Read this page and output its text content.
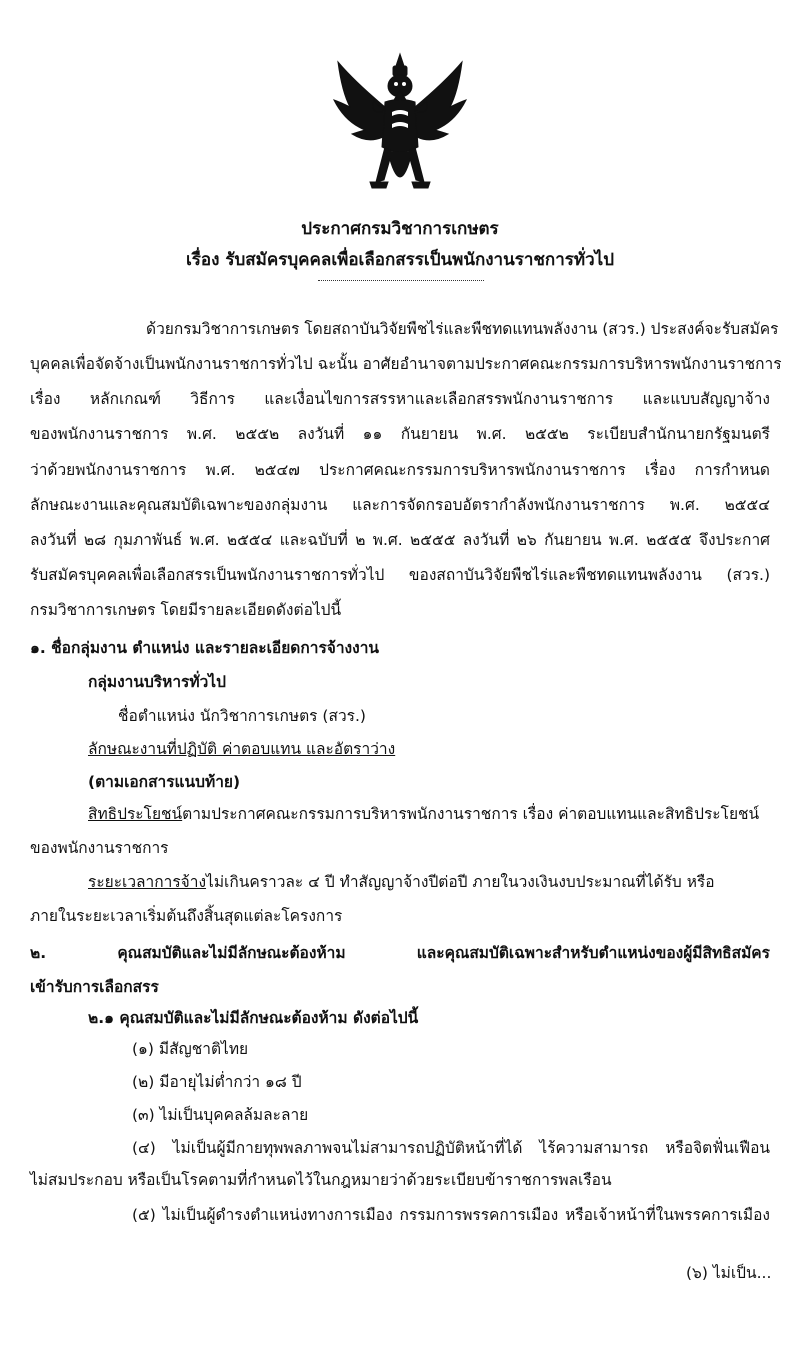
ประกาศกรมวิชาการเกษตร
เรื่อง รับสมัครบุคคลเพื่อเลือกสรรเป็นพนักงานราชการทั่วไป
ด้วยกรมวิชาการเกษตร โดยสถาบันวิจัยพืชไร่และพืชทดแทนพลังงาน (สวร.) ประสงค์จะรับสมัคร
บุคคลเพื่อจัดจ้างเป็นพนักงานราชการทั่วไป ฉะนั้น อาศัยอำนาจตามประกาศคณะกรรมการบริหารพนักงานราชการ
เรื่อง หลักเกณฑ์ วิธีการ และเงื่อนไขการสรรหาและเลือกสรรพนักงานราชการ และแบบสัญญาจ้าง
ของพนักงานราชการ พ.ศ. ๒๕๕๒ ลงวันที่ ๑๑ กันยายน พ.ศ. ๒๕๕๒ ระเบียบสำนักนายกรัฐมนตรี
ว่าด้วยพนักงานราชการ พ.ศ. ๒๕๔๗ ประกาศคณะกรรมการบริหารพนักงานราชการ เรื่อง การกำหนด
ลักษณะงานและคุณสมบัติเฉพาะของกลุ่มงาน และการจัดกรอบอัตรากำลังพนักงานราชการ พ.ศ. ๒๕๕๔
ลงวันที่ ๒๘ กุมภาพันธ์ พ.ศ. ๒๕๕๔ และฉบับที่ ๒ พ.ศ. ๒๕๕๕ ลงวันที่ ๒๖ กันยายน พ.ศ. ๒๕๕๕ จึงประกาศ
รับสมัครบุคคลเพื่อเลือกสรรเป็นพนักงานราชการทั่วไป ของสถาบันวิจัยพืชไร่และพืชทดแทนพลังงาน (สวร.)
กรมวิชาการเกษตร โดยมีรายละเอียดดังต่อไปนี้
๑. ชื่อกลุ่มงาน ตำแหน่ง และรายละเอียดการจ้างงาน
กลุ่มงานบริหารทั่วไป
ชื่อตำแหน่ง นักวิชาการเกษตร (สวร.)
ลักษณะงานที่ปฏิบัติ ค่าตอบแทน และอัตราว่าง
(ตามเอกสารแนบท้าย)
สิทธิประโยชน์ ตามประกาศคณะกรรมการบริหารพนักงานราชการ เรื่อง ค่าตอบแทนและสิทธิประโยชน์
ของพนักงานราชการ
ระยะเวลาการจ้าง ไม่เกินคราวละ ๔ ปี ทำสัญญาจ้างปีต่อปี ภายในวงเงินงบประมาณที่ได้รับ หรือ
ภายในระยะเวลาเริ่มต้นถึงสิ้นสุดแต่ละโครงการ
๒. คุณสมบัติและไม่มีลักษณะต้องห้าม และคุณสมบัติเฉพาะสำหรับตำแหน่งของผู้มีสิทธิสมัคร
เข้ารับการเลือกสรร
๒.๑ คุณสมบัติและไม่มีลักษณะต้องห้าม ดังต่อไปนี้
(๑) มีสัญชาติไทย
(๒) มีอายุไม่ต่ำกว่า ๑๘ ปี
(๓) ไม่เป็นบุคคลล้มละลาย
(๔) ไม่เป็นผู้มีกายทุพพลภาพจนไม่สามารถปฏิบัติหน้าที่ได้ ไร้ความสามารถ หรือจิตฟั่นเฟือน
ไม่สมประกอบ หรือเป็นโรคตามที่กำหนดไว้ในกฎหมายว่าด้วยระเบียบข้าราชการพลเรือน
(๕) ไม่เป็นผู้ดำรงตำแหน่งทางการเมือง กรรมการพรรคการเมือง หรือเจ้าหน้าที่ในพรรคการเมือง
(๖) ไม่เป็น...
